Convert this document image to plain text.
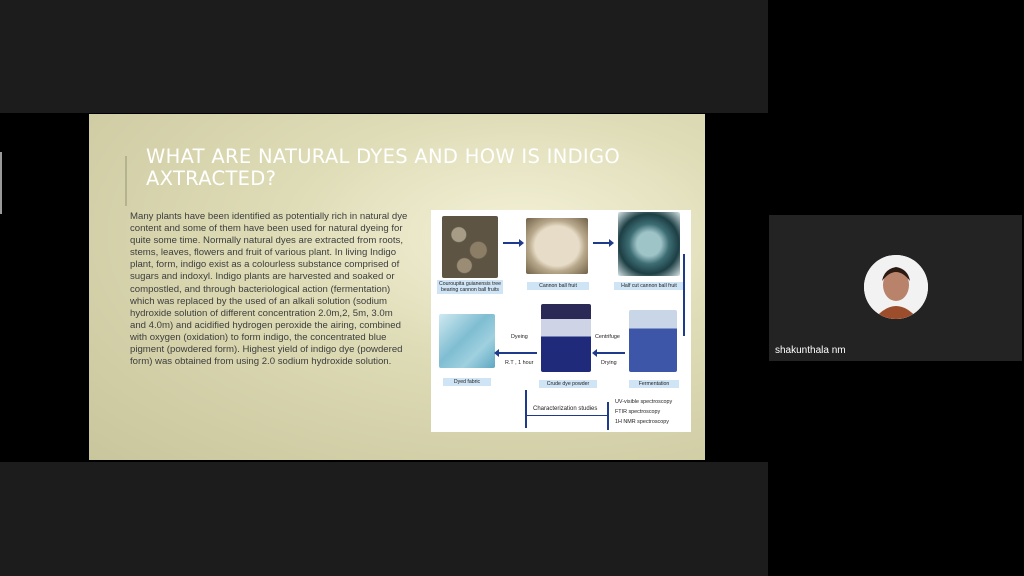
WHAT ARE NATURAL DYES AND HOW IS INDIGO AXTRACTED?

Many plants have been identified as potentially rich in natural dye content and some of them have been used for natural dyeing for quite some time. Normally natural dyes are extracted from roots, stems, leaves, flowers and fruit of various plant. In living Indigo plant, form, indigo exist as a colourless substance comprised of sugars and indoxyl. Indigo plants are harvested and soaked or compostled, and through bacteriological action (fermentation) which was replaced by the used of an alkali solution (sodium hydroxide solution of different concentration 2.0m,2, 5m, 3.0m and 4.0m) and acidified hydrogen peroxide the airing, combined with oxygen (oxidation) to form indigo, the concentrated blue pigment (powdered form). Highest yield of indigo dye (powdered form) was obtained from using 2.0 sodium hydroxide solution.

Couroupita guianensis tree bearing cannon ball fruits
Cannon ball fruit	Half cut cannon ball fruit
Dyed fabric
Dyeing
R.T , 1 hour
Crude dye powder
Centrifuge
Drying
Fermentation
Characterization studies
UV-visible spectroscopy
FTIR spectroscopy
1H NMR spectroscopy
shakunthala nm
